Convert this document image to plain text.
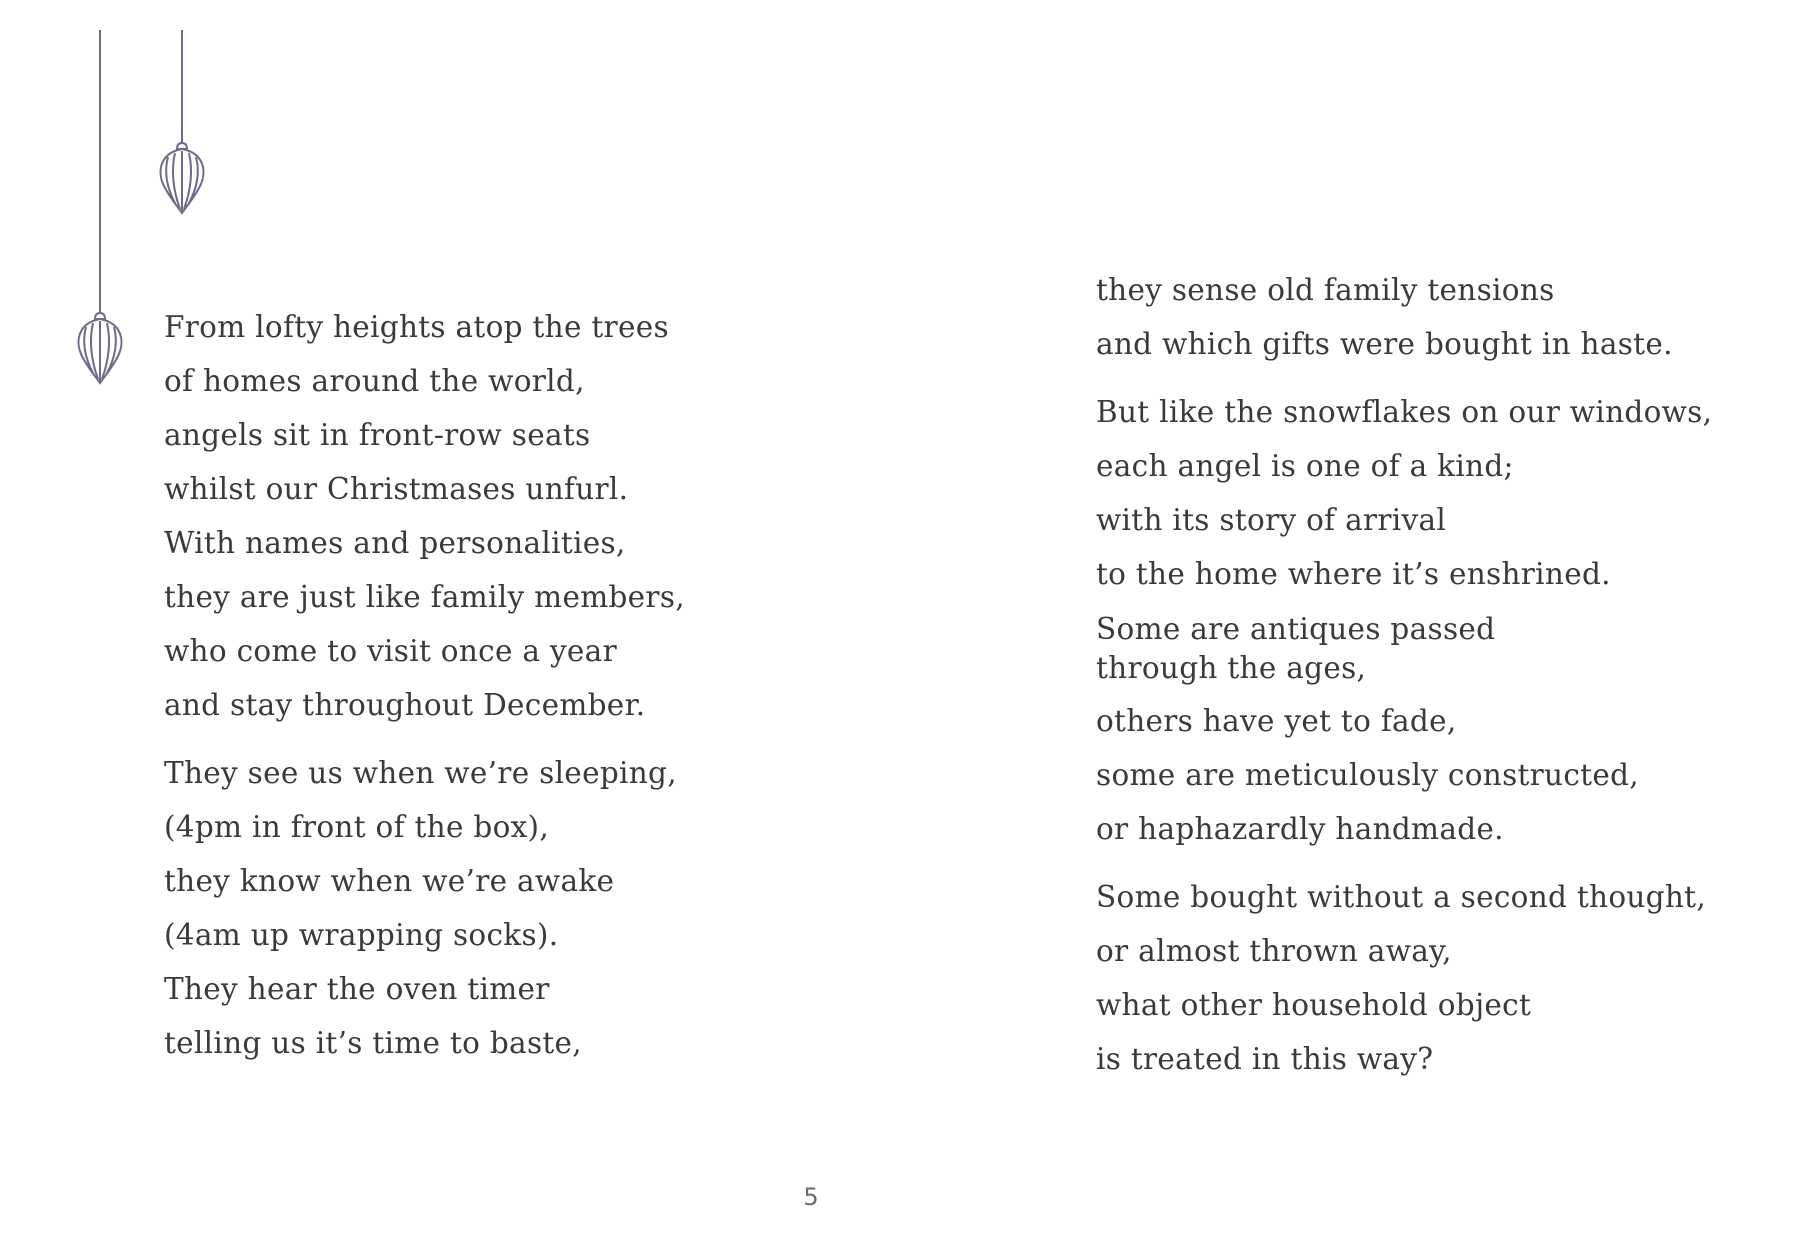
From lofty heights atop the trees
of homes around the world,
angels sit in front-row seats
whilst our Christmases unfurl.
With names and personalities,
they are just like family members,
who come to visit once a year
and stay throughout December.
They see us when we’re sleeping,
(4pm in front of the box),
they know when we’re awake
(4am up wrapping socks).
They hear the oven timer
telling us it’s time to baste,
they sense old family tensions
and which gifts were bought in haste.
But like the snowflakes on our windows,
each angel is one of a kind;
with its story of arrival
to the home where it’s enshrined.
Some are antiques passed through the ages,
others have yet to fade,
some are meticulously constructed,
or haphazardly handmade.
Some bought without a second thought,
or almost thrown away,
what other household object
is treated in this way?
5
